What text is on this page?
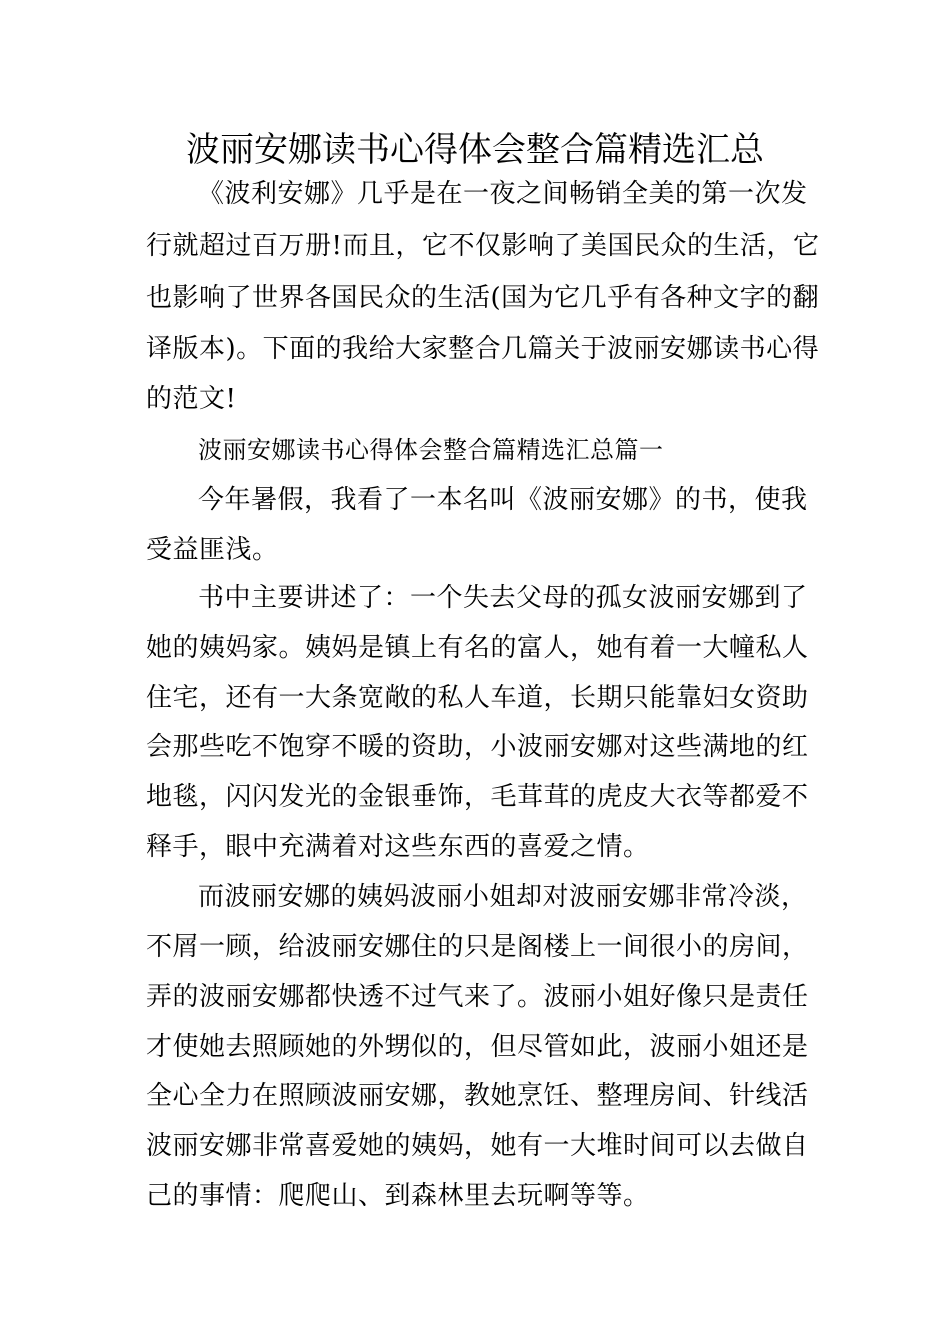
波丽安娜读书心得体会整合篇精选汇总
《波利安娜》几乎是在一夜之间畅销全美的第一次发
行就超过百万册!而且，它不仅影响了美国民众的生活，它
也影响了世界各国民众的生活(国为它几乎有各种文字的翻
译版本)。下面的我给大家整合几篇关于波丽安娜读书心得
的范文!
波丽安娜读书心得体会整合篇精选汇总篇一
今年暑假，我看了一本名叫《波丽安娜》的书，使我
受益匪浅。
书中主要讲述了：一个失去父母的孤女波丽安娜到了
她的姨妈家。姨妈是镇上有名的富人，她有着一大幢私人
住宅，还有一大条宽敞的私人车道，长期只能靠妇女资助
会那些吃不饱穿不暖的资助，小波丽安娜对这些满地的红
地毯，闪闪发光的金银垂饰，毛茸茸的虎皮大衣等都爱不
释手，眼中充满着对这些东西的喜爱之情。
而波丽安娜的姨妈波丽小姐却对波丽安娜非常冷淡，
不屑一顾，给波丽安娜住的只是阁楼上一间很小的房间，
弄的波丽安娜都快透不过气来了。波丽小姐好像只是责任
才使她去照顾她的外甥似的，但尽管如此，波丽小姐还是
全心全力在照顾波丽安娜，教她烹饪、整理房间、针线活
波丽安娜非常喜爱她的姨妈，她有一大堆时间可以去做自
己的事情：爬爬山、到森林里去玩啊等等。
